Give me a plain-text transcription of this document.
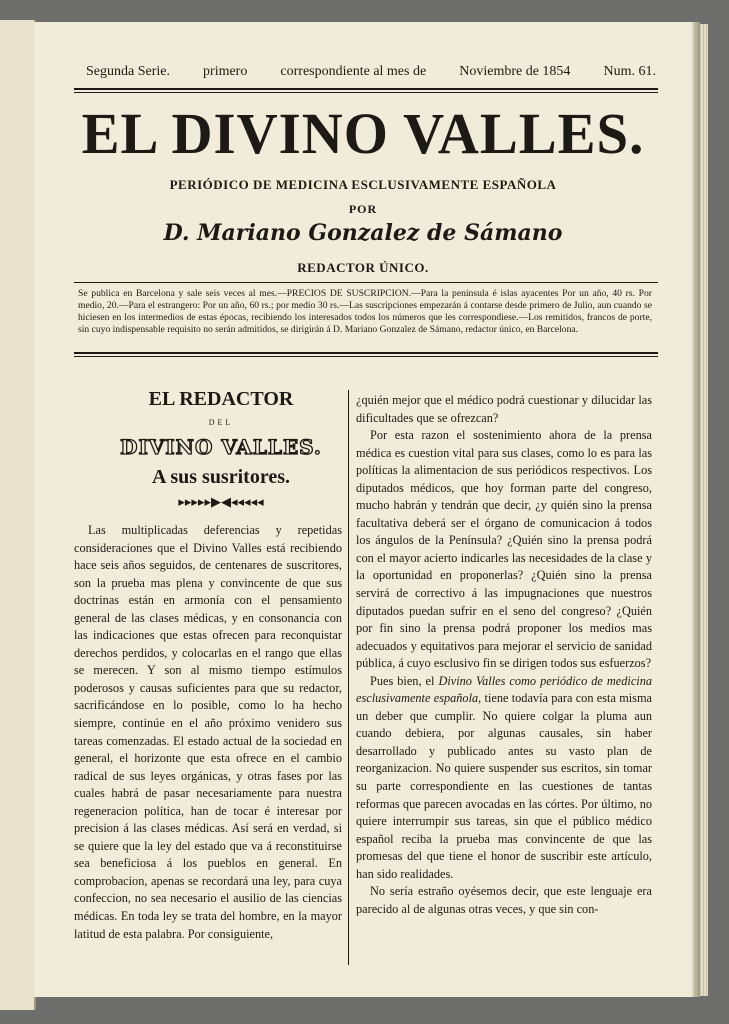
Segunda Serie. primero correspondiente al mes de Noviembre de 1854 Num. 61.
EL DIVINO VALLES.
PERIÓDICO DE MEDICINA ESCLUSIVAMENTE ESPAÑOLA
POR
D. Mariano Gonzalez de Sámano
REDACTOR ÚNICO.
Se publica en Barcelona y sale seis veces al mes.—PRECIOS DE SUSCRIPCION.—Para la península é islas ayacentes Por un año, 40 rs. Por medio, 20.—Para el estrangero: Por un año, 60 rs.; por medio 30 rs.—Las suscripciones empezarán á contarse desde primero de Julio, aun cuando se hiciesen en los intermedios de estas épocas, recibiendo los interesados todos los números que les correspondiese.—Los remitidos, francos de porte, sin cuyo indispensable requisito no serán admitidos, se dirigirán á D. Mariano Gonzalez de Sámano, redactor único, en Barcelona.
EL REDACTOR
DEL
DIVINO VALLES.
A sus susritores.
▸▸▸▸▸▶◀◂◂◂◂◂

Las multiplicadas deferencias y repetidas consideraciones que el Divino Valles está recibiendo hace seis años seguidos, de centenares de suscritores, son la prueba mas plena y convincente de que sus doctrinas están en armonía con el pensamiento general de las clases médicas, y en consonancia con las indicaciones que estas ofrecen para reconquistar derechos perdidos, y colocarlas en el rango que ellas se merecen. Y son al mismo tiempo estímulos poderosos y causas suficientes para que su redactor, sacrificándose en lo posible, como lo ha hecho siempre, continúe en el año próximo venidero sus tareas comenzadas. El estado actual de la sociedad en general, el horizonte que esta ofrece en el cambio radical de sus leyes orgánicas, y otras fases por las cuales habrá de pasar necesariamente para nuestra regeneracion política, han de tocar é interesar por precision á las clases médicas. Así será en verdad, si se quiere que la ley del estado que va á reconstituirse sea beneficiosa á los pueblos en general. En comprobacion, apenas se recordará una ley, para cuya confeccion, no sea necesario el ausilio de las ciencias médicas. En toda ley se trata del hombre, en la mayor latitud de esta palabra. Por consiguiente,

¿quién mejor que el médico podrá cuestionar y dilucidar las dificultades que se ofrezcan?

Por esta razon el sostenimiento ahora de la prensa médica es cuestion vital para sus clases, como lo es para las políticas la alimentacion de sus periódicos respectivos. Los diputados médicos, que hoy forman parte del congreso, mucho habrán y tendrán que decir, ¿y quién sino la prensa facultativa deberá ser el órgano de comunicacion á todos los ángulos de la Península? ¿Quién sino la prensa podrá con el mayor acierto indicarles las necesidades de la clase y la oportunidad en proponerlas? ¿Quién sino la prensa servirá de correctivo á las impugnaciones que nuestros diputados puedan sufrir en el seno del congreso? ¿Quién por fin sino la prensa podrá proponer los medios mas adecuados y equitativos para mejorar el servicio de sanidad pública, á cuyo esclusivo fin se dirigen todos sus esfuerzos?

Pues bien, el Divino Valles como periódico de medicina esclusivamente española, tiene todavía para con esta misma un deber que cumplir. No quiere colgar la pluma aun cuando debiera, por algunas causales, sin haber desarrollado y publicado antes su vasto plan de reorganizacion. No quiere suspender sus escritos, sin tomar su parte correspondiente en las cuestiones de tantas reformas que parecen avocadas en las córtes. Por último, no quiere interrumpir sus tareas, sin que el público médico español reciba la prueba mas convincente de que las promesas del que tiene el honor de suscribir este artículo, han sido realidades.

No sería estraño oyésemos decir, que este lenguaje era parecido al de algunas otras veces, y que sin con-
